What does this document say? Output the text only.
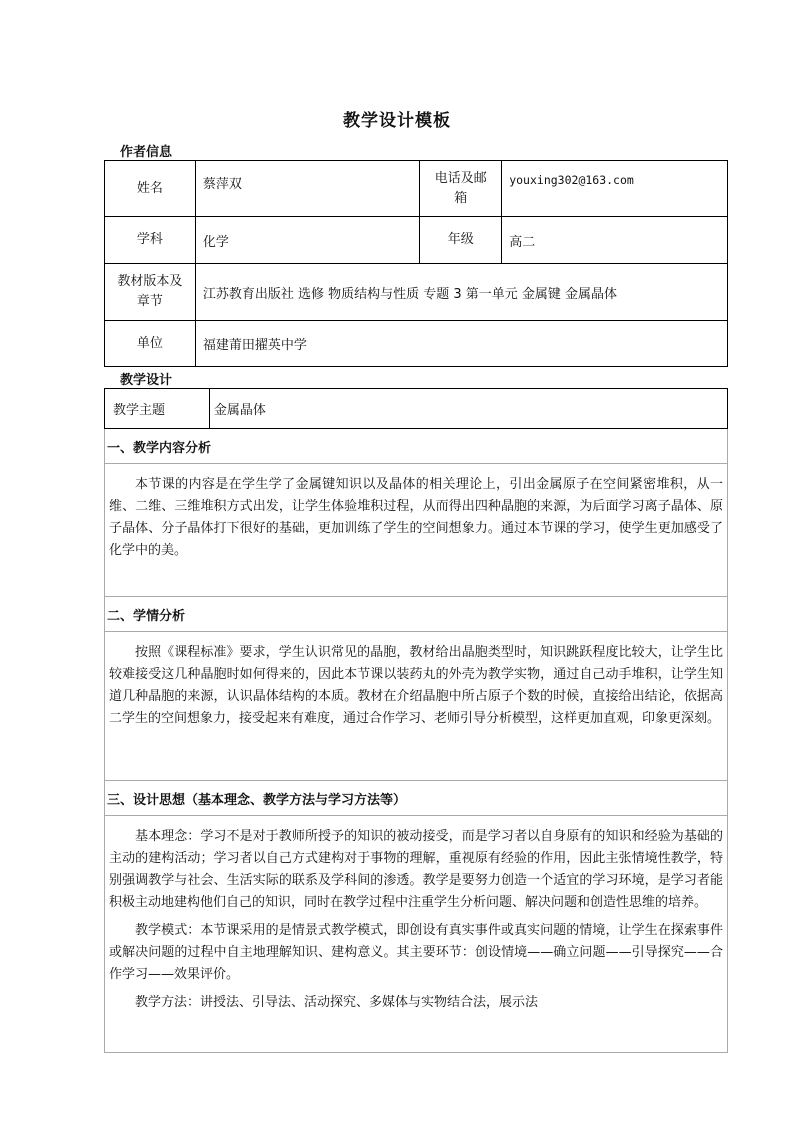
教学设计模板
作者信息
姓名	蔡萍双	电话及邮箱	youxing302@163.com
学科	化学	年级	高二
教材版本及章节	江苏教育出版社 选修 物质结构与性质 专题 3 第一单元 金属键 金属晶体		
单位	福建莆田擢英中学		
教学设计
教学主题	金属晶体
一、教学内容分析

本节课的内容是在学生学了金属键知识以及晶体的相关理论上，引出金属原子在空间紧密堆积，从一维、二维、三维堆积方式出发，让学生体验堆积过程，从而得出四种晶胞的来源，为后面学习离子晶体、原子晶体、分子晶体打下很好的基础，更加训练了学生的空间想象力。通过本节课的学习，使学生更加感受了化学中的美。

二、学情分析

按照《课程标准》要求，学生认识常见的晶胞，教材给出晶胞类型时，知识跳跃程度比较大，让学生比较难接受这几种晶胞时如何得来的，因此本节课以装药丸的外壳为教学实物，通过自己动手堆积，让学生知道几种晶胞的来源，认识晶体结构的本质。教材在介绍晶胞中所占原子个数的时候，直接给出结论，依据高二学生的空间想象力，接受起来有难度，通过合作学习、老师引导分析模型，这样更加直观，印象更深刻。

三、设计思想（基本理念、教学方法与学习方法等）

基本理念：学习不是对于教师所授予的知识的被动接受，而是学习者以自身原有的知识和经验为基础的主动的建构活动；学习者以自己方式建构对于事物的理解，重视原有经验的作用，因此主张情境性教学，特别强调教学与社会、生活实际的联系及学科间的渗透。教学是要努力创造一个适宜的学习环境，是学习者能积极主动地建构他们自己的知识，同时在教学过程中注重学生分析问题、解决问题和创造性思维的培养。

教学模式：本节课采用的是情景式教学模式，即创设有真实事件或真实问题的情境，让学生在探索事件或解决问题的过程中自主地理解知识、建构意义。其主要环节：创设情境——确立问题——引导探究——合作学习——效果评价。

教学方法：讲授法、引导法、活动探究、多媒体与实物结合法，展示法
